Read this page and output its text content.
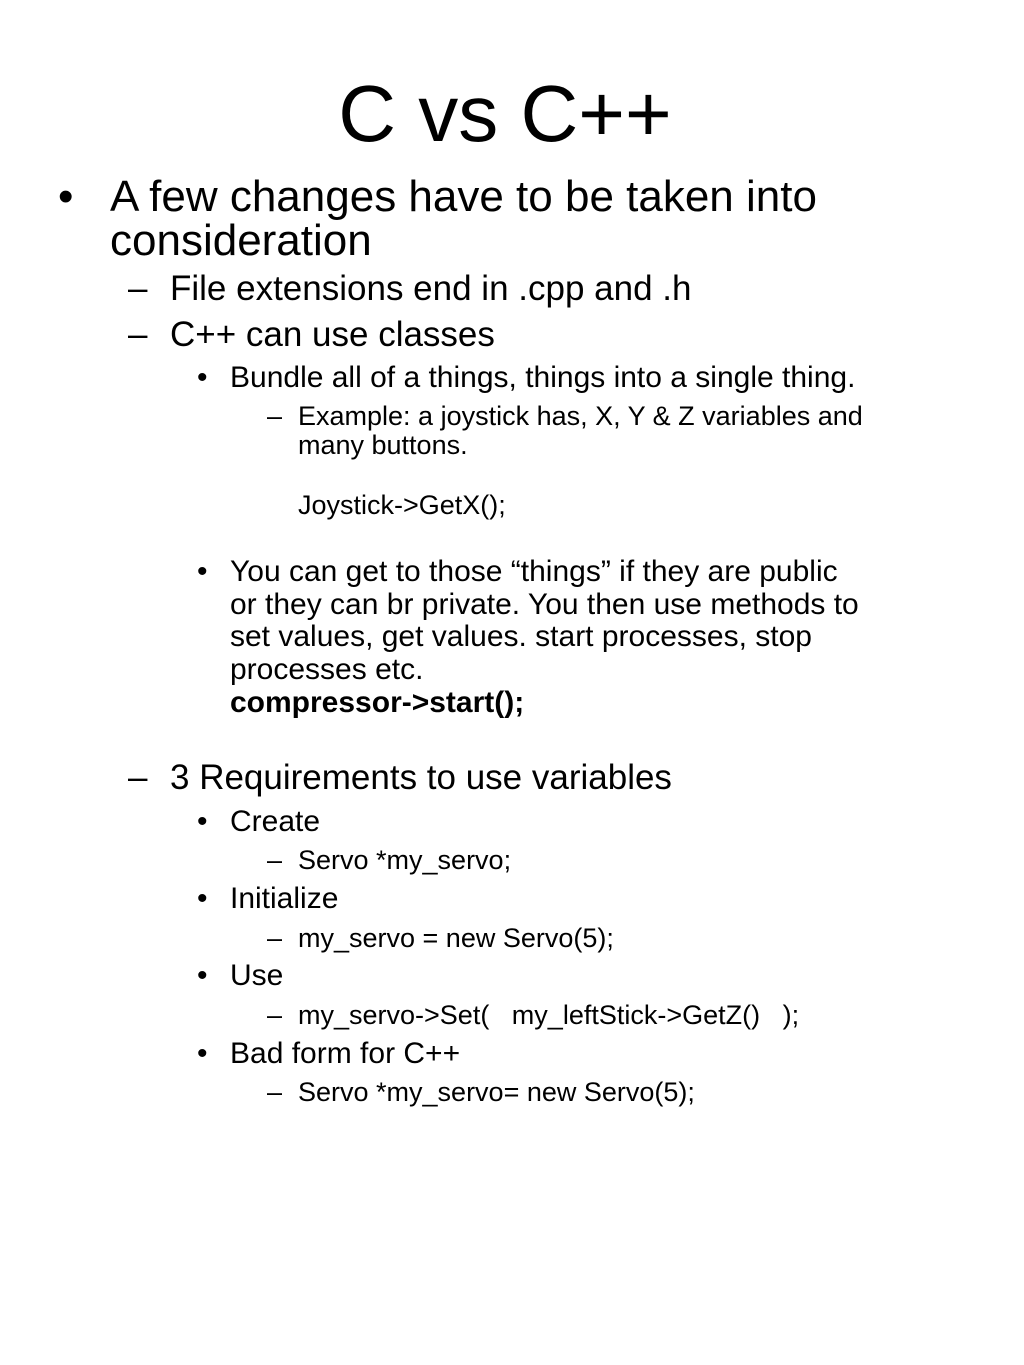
C vs C++
• A few changes have to be taken into
consideration
– File extensions end in .cpp and .h
– C++ can use classes
• Bundle all of a things, things into a single thing.
– Example: a joystick has, X, Y & Z variables and
many buttons.
Joystick->GetX();
• You can get to those “things” if they are public
or they can br private. You then use methods to
set values, get values. start processes, stop
processes etc.
compressor->start();
– 3 Requirements to use variables
• Create
– Servo *my_servo;
• Initialize
– my_servo = new Servo(5);
• Use
– my_servo->Set(   my_leftStick->GetZ()   );
• Bad form for C++
– Servo *my_servo= new Servo(5);
